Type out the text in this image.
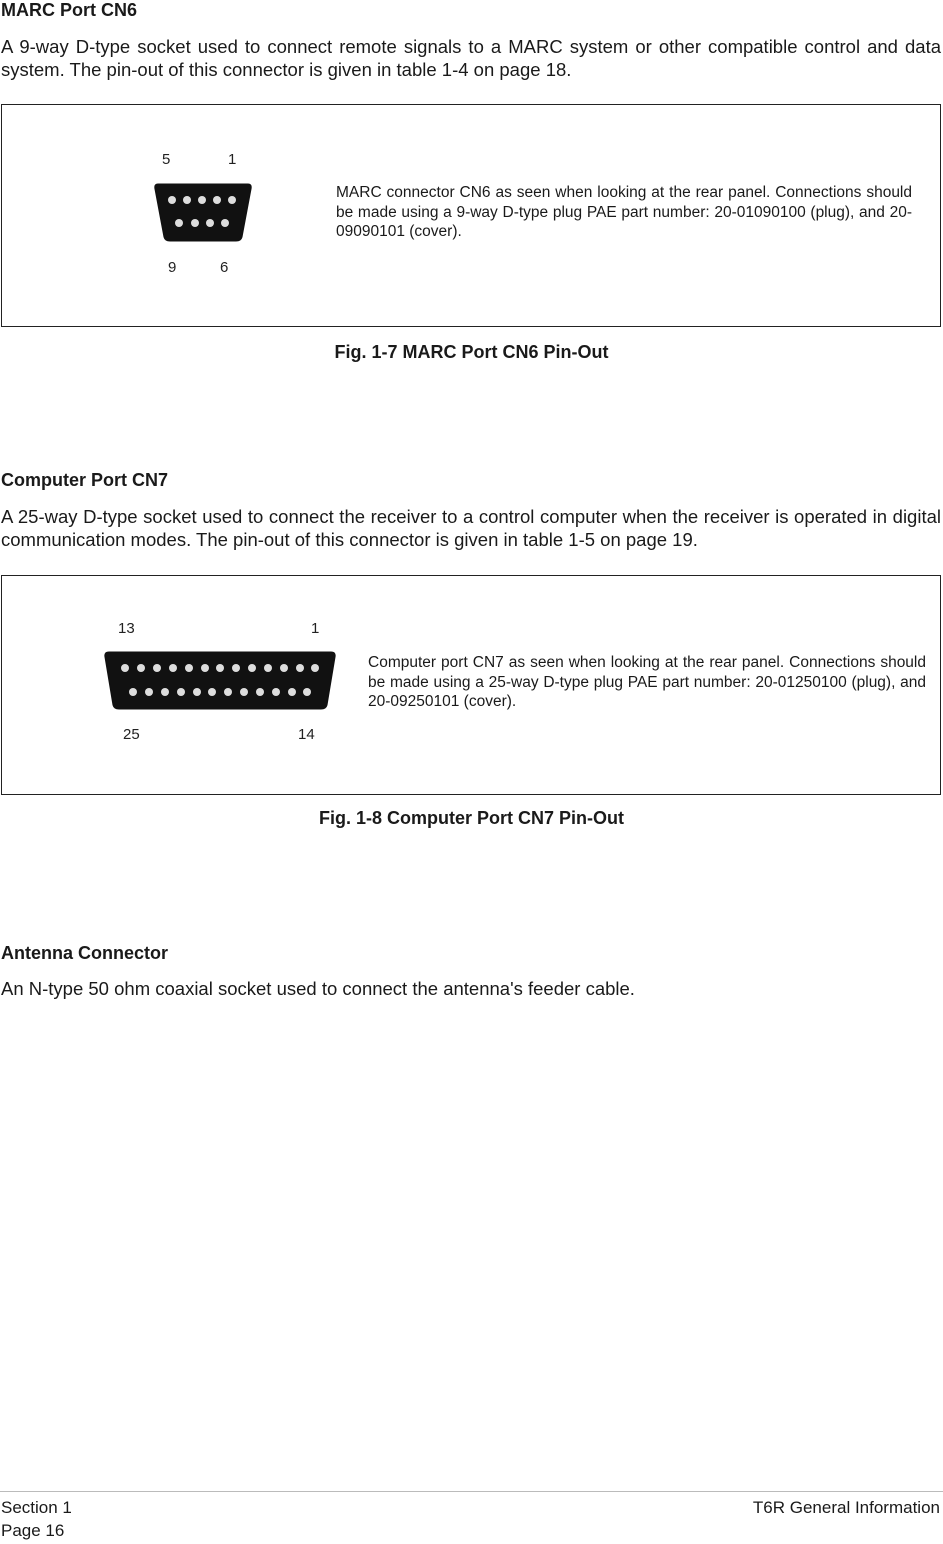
MARC Port CN6
A 9-way D-type socket used to connect remote signals to a MARC system or other compatible control and data system. The pin-out of this connector is given in table 1-4 on page 18.
5	1
9	6
MARC connector CN6 as seen when looking at the rear panel. Connections should be made using a 9-way D-type plug PAE part number: 20-01090100 (plug), and 20-09090101 (cover).
Fig. 1-7 MARC Port CN6 Pin-Out
Computer Port CN7
A 25-way D-type socket used to connect the receiver to a control computer when the receiver is operated in digital communication modes. The pin-out of this connector is given in table 1-5 on page 19.
13	1
25	14
Computer port CN7 as seen when looking at the rear panel. Connections should be made using a 25-way D-type plug PAE part number: 20-01250100 (plug), and 20-09250101 (cover).
Fig. 1-8 Computer Port CN7 Pin-Out
Antenna Connector
An N-type 50 ohm coaxial socket used to connect the antenna's feeder cable.
Section 1
Page 16
T6R General Information
